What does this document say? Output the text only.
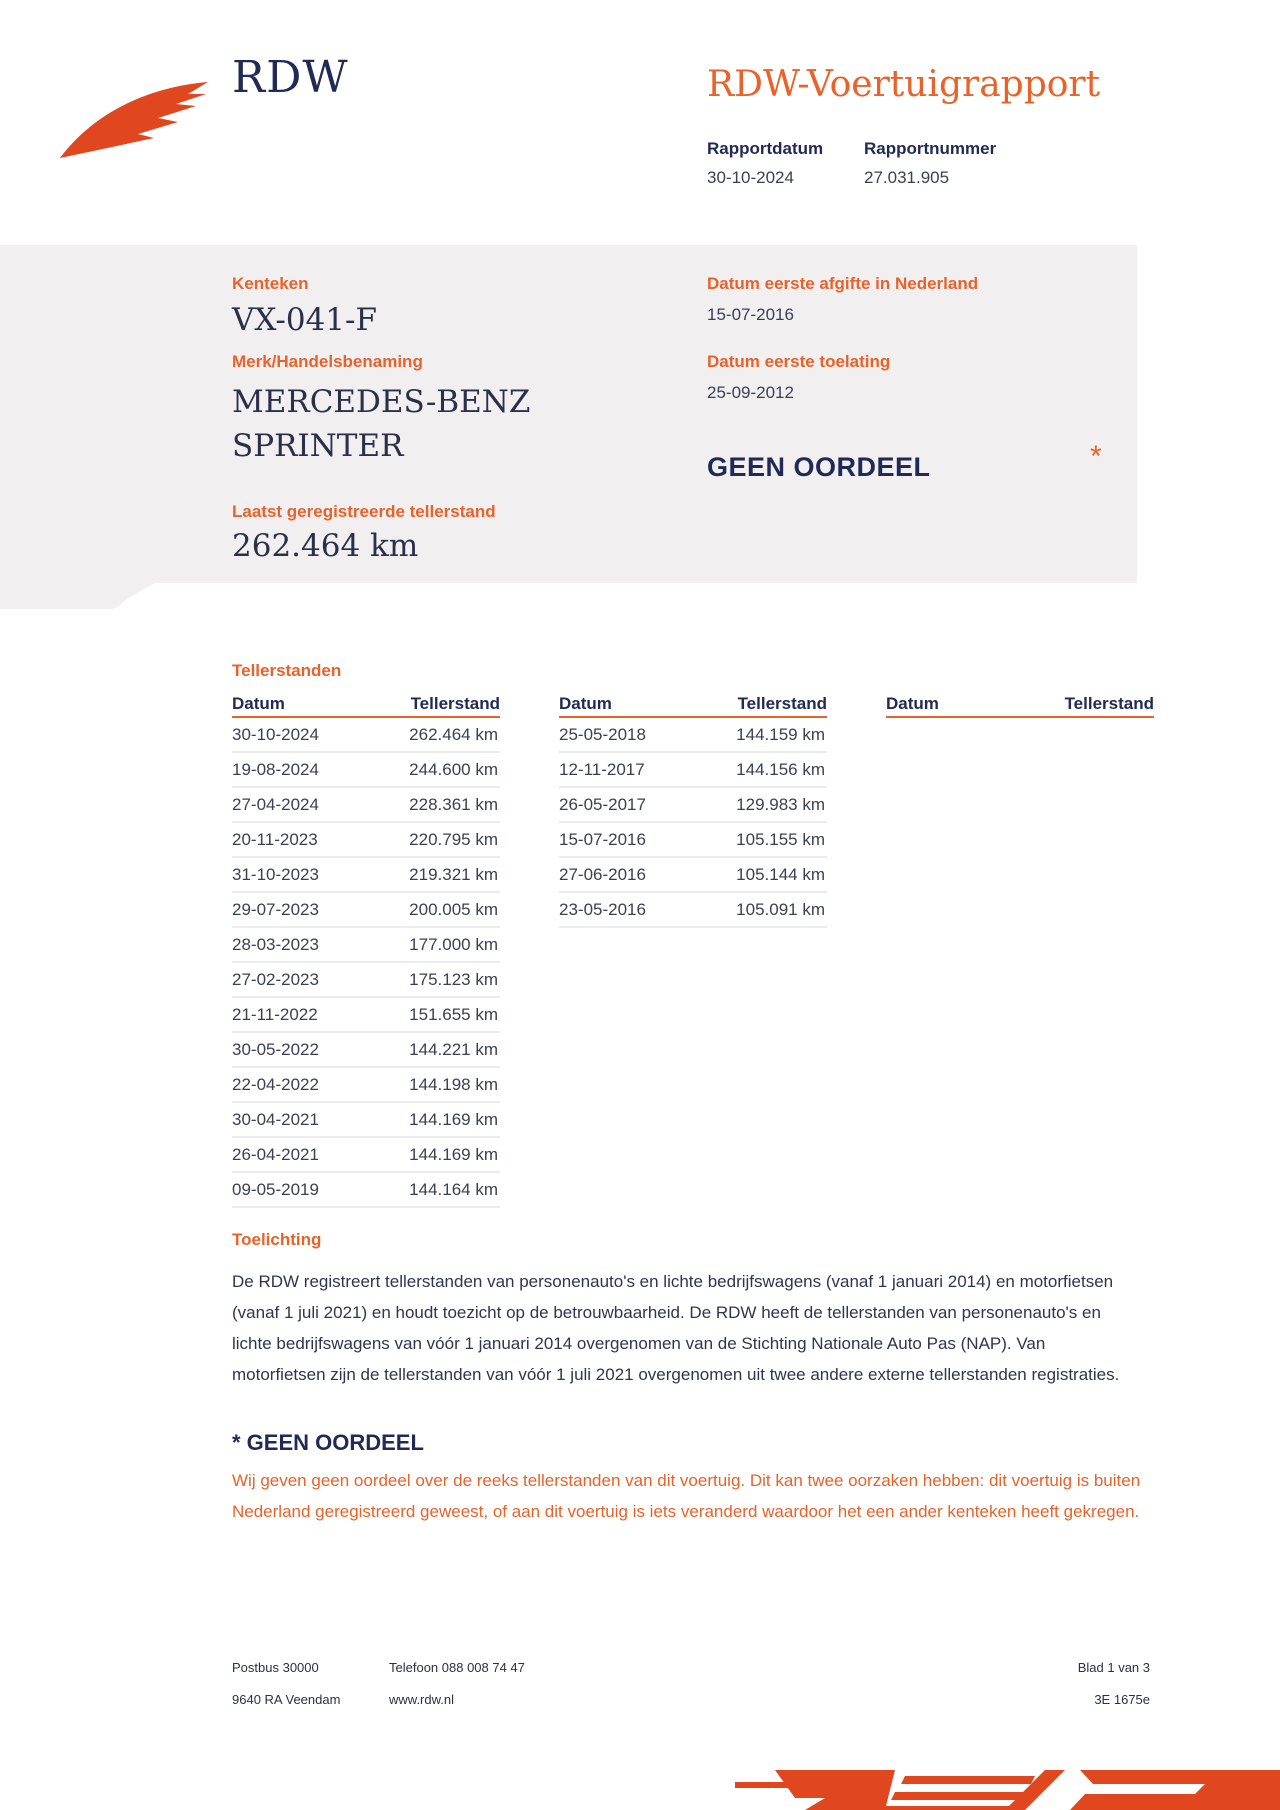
RDW	RDW-Voertuigrapport
Rapportdatum
30-10-2024
Rapportnummer
27.031.905
Kenteken
VX-041-F
Merk/Handelsbenaming
MERCEDES-BENZ
SPRINTER
Laatst geregistreerde tellerstand
262.464 km
Datum eerste afgifte in Nederland
15-07-2016
Datum eerste toelating
25-09-2012
GEEN OORDEEL	*
Tellerstanden
Datum	Tellerstand
30-10-2024	262.464 km
19-08-2024	244.600 km
27-04-2024	228.361 km
20-11-2023	220.795 km
31-10-2023	219.321 km
29-07-2023	200.005 km
28-03-2023	177.000 km
27-02-2023	175.123 km
21-11-2022	151.655 km
30-05-2022	144.221 km
22-04-2022	144.198 km
30-04-2021	144.169 km
26-04-2021	144.169 km
09-05-2019	144.164 km
Datum	Tellerstand
25-05-2018	144.159 km
12-11-2017	144.156 km
26-05-2017	129.983 km
15-07-2016	105.155 km
27-06-2016	105.144 km
23-05-2016	105.091 km
Datum	Tellerstand
Toelichting
De RDW registreert tellerstanden van personenauto's en lichte bedrijfswagens (vanaf 1 januari 2014) en motorfietsen (vanaf 1 juli 2021) en houdt toezicht op de betrouwbaarheid. De RDW heeft de tellerstanden van personenauto's en lichte bedrijfswagens van vóór 1 januari 2014 overgenomen van de Stichting Nationale Auto Pas (NAP). Van motorfietsen zijn de tellerstanden van vóór 1 juli 2021 overgenomen uit twee andere externe tellerstanden registraties.
* GEEN OORDEEL
Wij geven geen oordeel over de reeks tellerstanden van dit voertuig. Dit kan twee oorzaken hebben: dit voertuig is buiten Nederland geregistreerd geweest, of aan dit voertuig is iets veranderd waardoor het een ander kenteken heeft gekregen.
Postbus 30000
9640 RA Veendam
Telefoon 088 008 74 47
www.rdw.nl
Blad 1 van 3
3E 1675e
